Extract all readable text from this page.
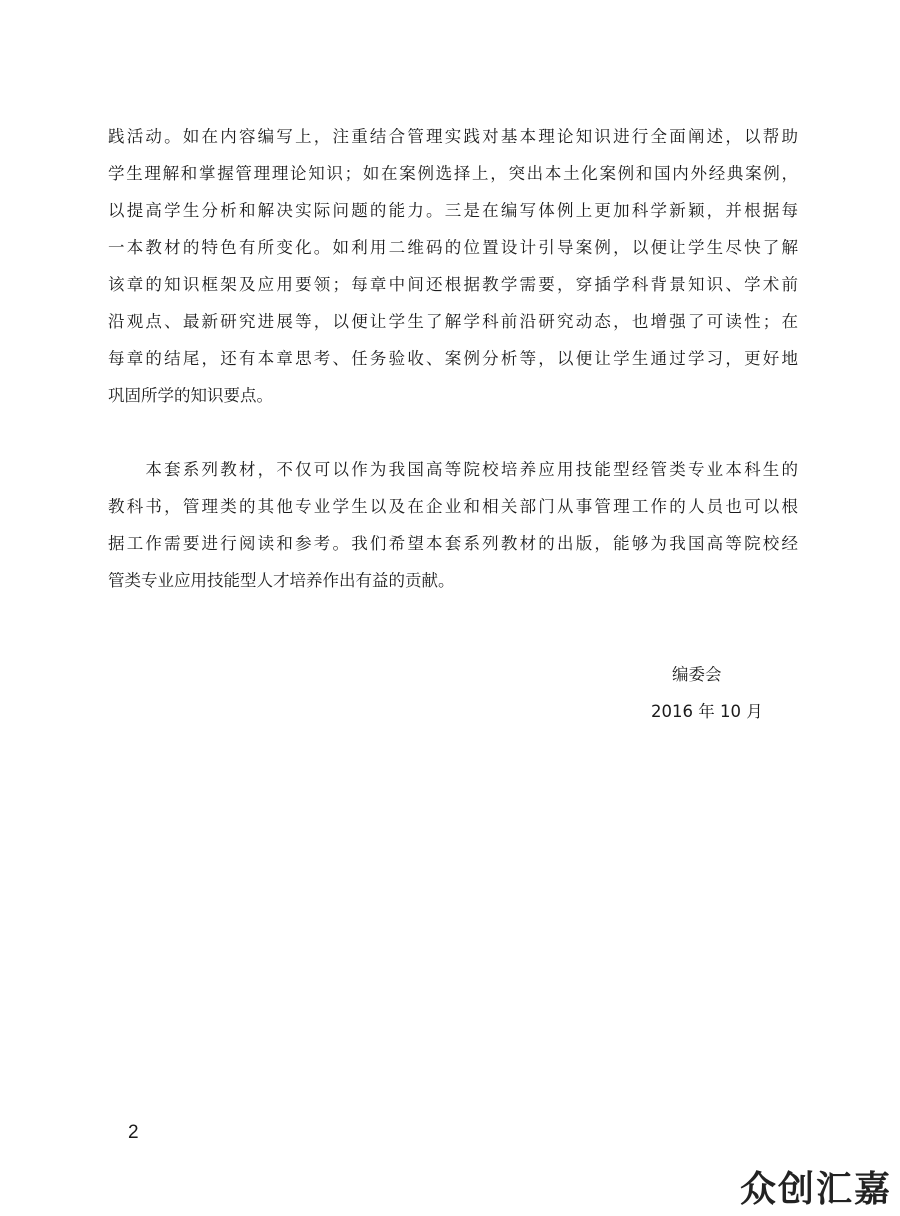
践活动。如在内容编写上，注重结合管理实践对基本理论知识进行全面阐述，以帮助
学生理解和掌握管理理论知识；如在案例选择上，突出本土化案例和国内外经典案例，
以提高学生分析和解决实际问题的能力。三是在编写体例上更加科学新颖，并根据每
一本教材的特色有所变化。如利用二维码的位置设计引导案例，以便让学生尽快了解
该章的知识框架及应用要领；每章中间还根据教学需要，穿插学科背景知识、学术前
沿观点、最新研究进展等，以便让学生了解学科前沿研究动态，也增强了可读性；在
每章的结尾，还有本章思考、任务验收、案例分析等，以便让学生通过学习，更好地
巩固所学的知识要点。
　　本套系列教材，不仅可以作为我国高等院校培养应用技能型经管类专业本科生的
教科书，管理类的其他专业学生以及在企业和相关部门从事管理工作的人员也可以根
据工作需要进行阅读和参考。我们希望本套系列教材的出版，能够为我国高等院校经
管类专业应用技能型人才培养作出有益的贡献。
编委会
2016 年 10 月
2
众创汇嘉
